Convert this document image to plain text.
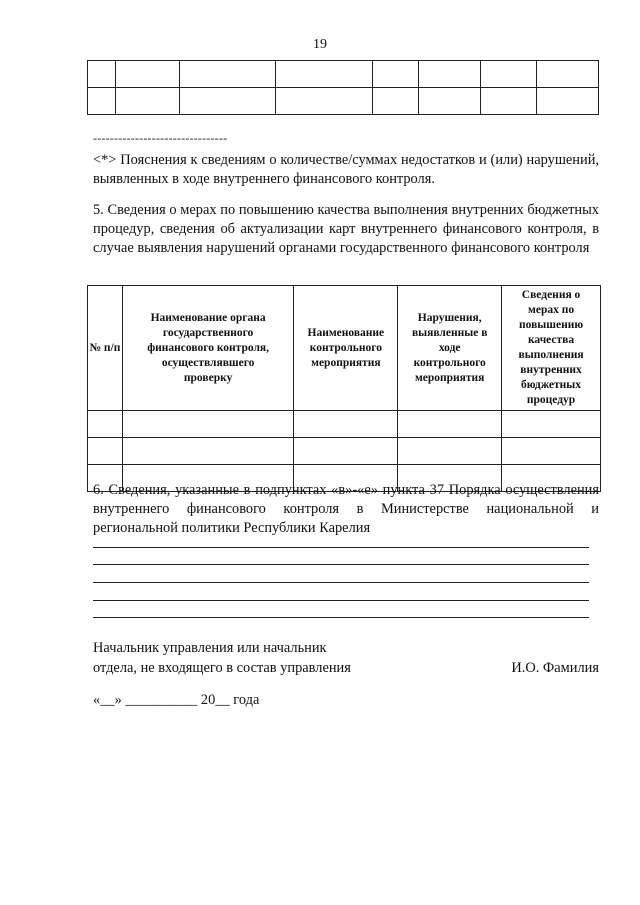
19

--------------------------------
<*> Пояснения к сведениям о количестве/суммах недостатков и (или) нарушений, выявленных в ходе внутреннего финансового контроля.
5. Сведения о мерах по повышению качества выполнения внутренних бюджетных процедур, сведения об актуализации карт внутреннего финансового контроля, в случае выявления нарушений органами государственного финансового контроля
№ п/п	Наименование органа государственного финансового контроля, осуществлявшего проверку	Наименование контрольного мероприятия	Нарушения, выявленные в ходе контрольного мероприятия	Сведения о мерах по повышению качества выполнения внутренних бюджетных процедур

6. Сведения, указанные в подпунктах «в»-«е» пункта 37 Порядка осуществления внутреннего финансового контроля в Министерстве национальной и региональной политики Республики Карелия
Начальник управления или начальник
отдела, не входящего в состав управления	И.О. Фамилия
«__» __________ 20__ года
